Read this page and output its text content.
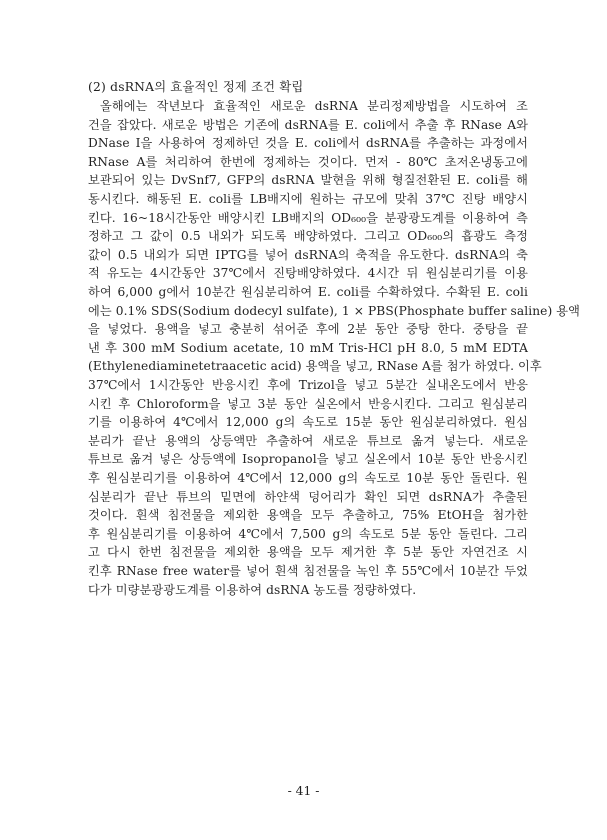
(2) dsRNA의 효율적인 정제 조건 확립
올해에는 작년보다 효율적인 새로운 dsRNA 분리정제방법을 시도하여 조
건을 잡았다. 새로운 방법은 기존에 dsRNA를 E. coli에서 추출 후 RNase A와
DNase I을 사용하여 정제하던 것을 E. coli에서 dsRNA를 추출하는 과정에서
RNase A를 처리하여 한번에 정제하는 것이다. 먼저 - 80℃ 초저온냉동고에
보관되어 있는 DvSnf7, GFP의 dsRNA 발현을 위해 형질전환된 E. coli를 해
동시킨다. 해동된 E. coli를 LB배지에 원하는 규모에 맞춰 37℃ 진탕 배양시
킨다. 16~18시간동안 배양시킨 LB배지의 OD₆₀₀을 분광광도계를 이용하여 측
정하고 그 값이 0.5 내외가 되도록 배양하였다. 그리고 OD₆₀₀의 흡광도 측정
값이 0.5 내외가 되면 IPTG를 넣어 dsRNA의 축적을 유도한다. dsRNA의 축
적 유도는 4시간동안 37℃에서 진탕배양하였다. 4시간 뒤 원심분리기를 이용
하여 6,000 g에서 10분간 원심분리하여 E. coli를 수확하였다. 수확된 E. coli
에는 0.1% SDS(Sodium dodecyl sulfate), 1 × PBS(Phosphate buffer saline) 용액
을 넣었다. 용액을 넣고 충분히 섞어준 후에 2분 동안 중탕 한다. 중탕을 끝
낸 후 300 mM Sodium acetate, 10 mM Tris-HCl pH 8.0, 5 mM EDTA
(Ethylenediaminetetraacetic acid) 용액을 넣고, RNase A를 첨가 하였다. 이후
37℃에서 1시간동안 반응시킨 후에 Trizol을 넣고 5분간 실내온도에서 반응
시킨 후 Chloroform을 넣고 3분 동안 실온에서 반응시킨다. 그리고 원심분리
기를 이용하여 4℃에서 12,000 g의 속도로 15분 동안 원심분리하였다. 원심
분리가 끝난 용액의 상등액만 추출하여 새로운 튜브로 옮겨 넣는다. 새로운
튜브로 옮겨 넣은 상등액에 Isopropanol을 넣고 실온에서 10분 동안 반응시킨
후 원심분리기를 이용하여 4℃에서 12,000 g의 속도로 10분 동안 돌린다. 원
심분리가 끝난 튜브의 밑면에 하얀색 덩어리가 확인 되면 dsRNA가 추출된
것이다. 흰색 침전물을 제외한 용액을 모두 추출하고, 75% EtOH을 첨가한
후 원심분리기를 이용하여 4℃에서 7,500 g의 속도로 5분 동안 돌린다. 그리
고 다시 한번 침전물을 제외한 용액을 모두 제거한 후 5분 동안 자연건조 시
킨후 RNase free water를 넣어 흰색 침전물을 녹인 후 55℃에서 10분간 두었
다가 미량분광광도계를 이용하여 dsRNA 농도를 정량하였다.
- 41 -
